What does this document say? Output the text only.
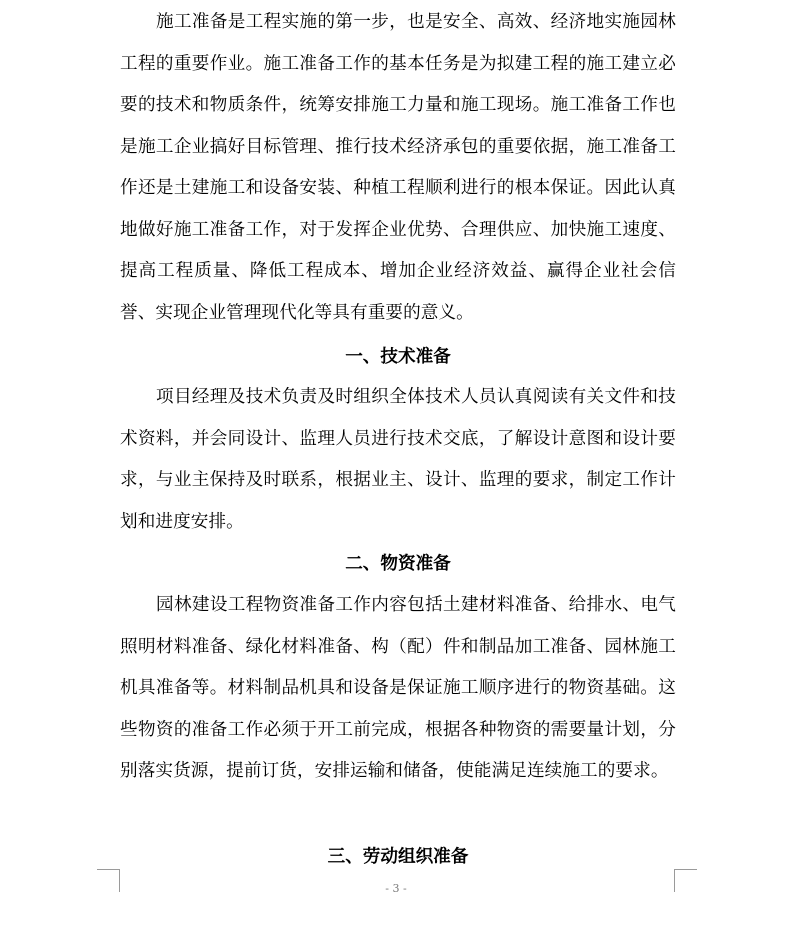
施工准备是工程实施的第一步，也是安全、高效、经济地实施园林工程的重要作业。施工准备工作的基本任务是为拟建工程的施工建立必要的技术和物质条件，统筹安排施工力量和施工现场。施工准备工作也是施工企业搞好目标管理、推行技术经济承包的重要依据，施工准备工作还是土建施工和设备安装、种植工程顺利进行的根本保证。因此认真地做好施工准备工作，对于发挥企业优势、合理供应、加快施工速度、提高工程质量、降低工程成本、增加企业经济效益、赢得企业社会信誉、实现企业管理现代化等具有重要的意义。

一、技术准备

项目经理及技术负责及时组织全体技术人员认真阅读有关文件和技术资料，并会同设计、监理人员进行技术交底，了解设计意图和设计要求，与业主保持及时联系，根据业主、设计、监理的要求，制定工作计划和进度安排。

二、物资准备

园林建设工程物资准备工作内容包括土建材料准备、给排水、电气照明材料准备、绿化材料准备、构（配）件和制品加工准备、园林施工机具准备等。材料制品机具和设备是保证施工顺序进行的物资基础。这些物资的准备工作必须于开工前完成，根据各种物资的需要量计划，分别落实货源，提前订货，安排运输和储备，使能满足连续施工的要求。

三、劳动组织准备
- 3 -
